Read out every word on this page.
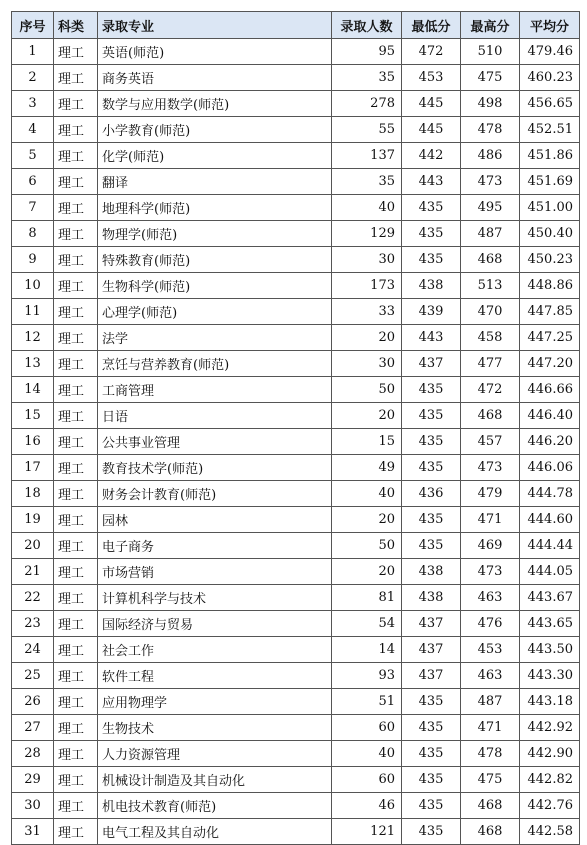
序号	科类	录取专业	录取人数	最低分	最高分	平均分
1	理工	英语(师范)	95	472	510	479.46
2	理工	商务英语	35	453	475	460.23
3	理工	数学与应用数学(师范)	278	445	498	456.65
4	理工	小学教育(师范)	55	445	478	452.51
5	理工	化学(师范)	137	442	486	451.86
6	理工	翻译	35	443	473	451.69
7	理工	地理科学(师范)	40	435	495	451.00
8	理工	物理学(师范)	129	435	487	450.40
9	理工	特殊教育(师范)	30	435	468	450.23
10	理工	生物科学(师范)	173	438	513	448.86
11	理工	心理学(师范)	33	439	470	447.85
12	理工	法学	20	443	458	447.25
13	理工	烹饪与营养教育(师范)	30	437	477	447.20
14	理工	工商管理	50	435	472	446.66
15	理工	日语	20	435	468	446.40
16	理工	公共事业管理	15	435	457	446.20
17	理工	教育技术学(师范)	49	435	473	446.06
18	理工	财务会计教育(师范)	40	436	479	444.78
19	理工	园林	20	435	471	444.60
20	理工	电子商务	50	435	469	444.44
21	理工	市场营销	20	438	473	444.05
22	理工	计算机科学与技术	81	438	463	443.67
23	理工	国际经济与贸易	54	437	476	443.65
24	理工	社会工作	14	437	453	443.50
25	理工	软件工程	93	437	463	443.30
26	理工	应用物理学	51	435	487	443.18
27	理工	生物技术	60	435	471	442.92
28	理工	人力资源管理	40	435	478	442.90
29	理工	机械设计制造及其自动化	60	435	475	442.82
30	理工	机电技术教育(师范)	46	435	468	442.76
31	理工	电气工程及其自动化	121	435	468	442.58
